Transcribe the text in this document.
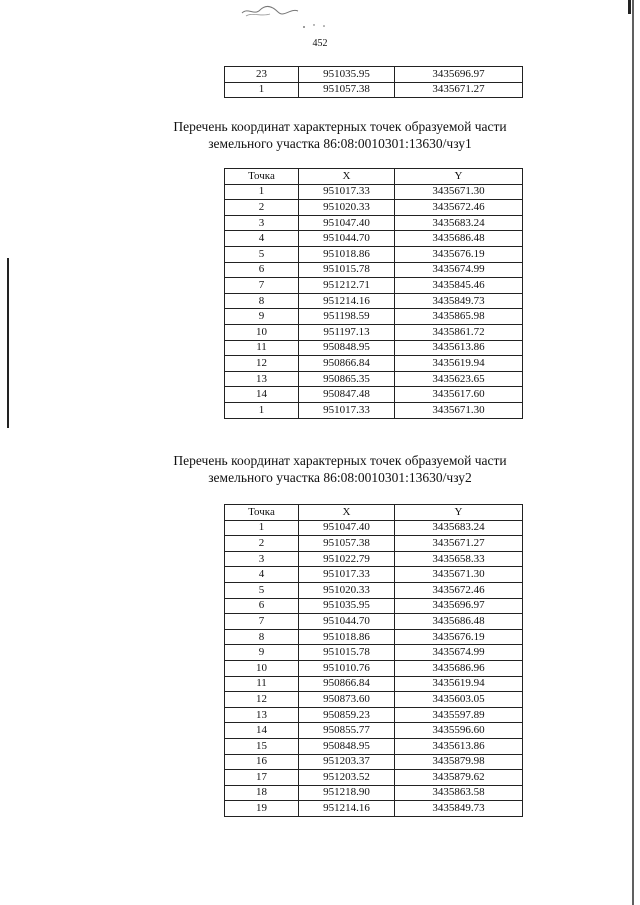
452
23	951035.95	3435696.97
1	951057.38	3435671.27
Перечень координат характерных точек образуемой части
земельного участка 86:08:0010301:13630/чзу1
Точка	X	Y
1	951017.33	3435671.30
2	951020.33	3435672.46
3	951047.40	3435683.24
4	951044.70	3435686.48
5	951018.86	3435676.19
6	951015.78	3435674.99
7	951212.71	3435845.46
8	951214.16	3435849.73
9	951198.59	3435865.98
10	951197.13	3435861.72
11	950848.95	3435613.86
12	950866.84	3435619.94
13	950865.35	3435623.65
14	950847.48	3435617.60
1	951017.33	3435671.30
Перечень координат характерных точек образуемой части
земельного участка 86:08:0010301:13630/чзу2
Точка	X	Y
1	951047.40	3435683.24
2	951057.38	3435671.27
3	951022.79	3435658.33
4	951017.33	3435671.30
5	951020.33	3435672.46
6	951035.95	3435696.97
7	951044.70	3435686.48
8	951018.86	3435676.19
9	951015.78	3435674.99
10	951010.76	3435686.96
11	950866.84	3435619.94
12	950873.60	3435603.05
13	950859.23	3435597.89
14	950855.77	3435596.60
15	950848.95	3435613.86
16	951203.37	3435879.98
17	951203.52	3435879.62
18	951218.90	3435863.58
19	951214.16	3435849.73
